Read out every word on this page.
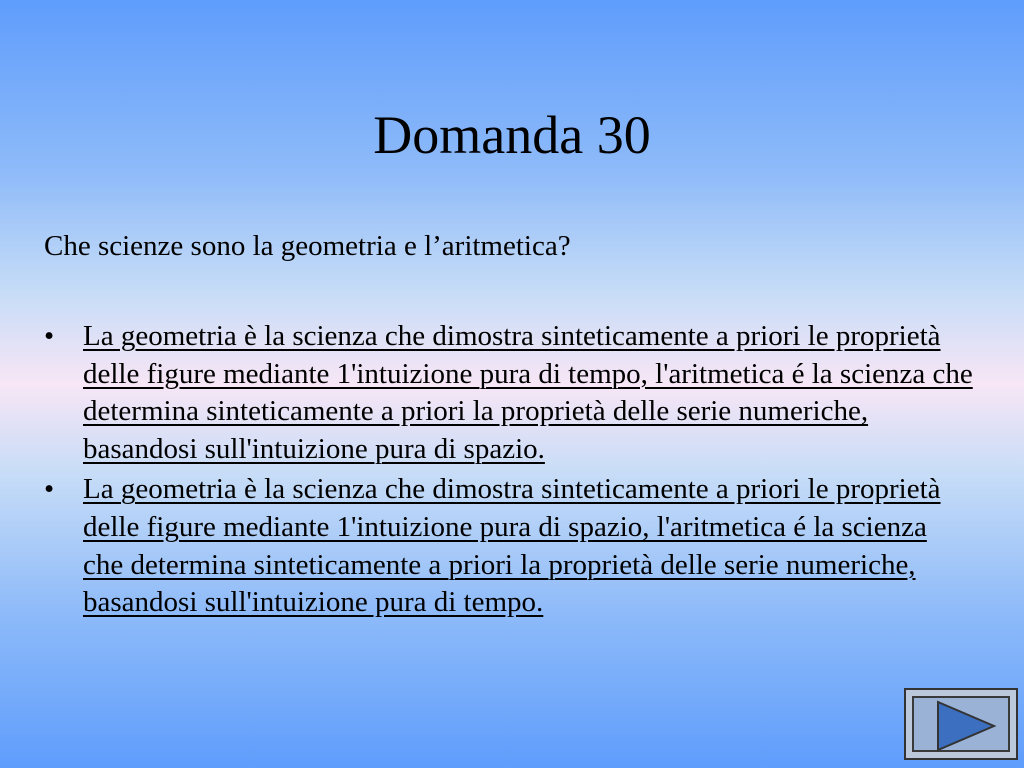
Domanda 30

Che scienze sono la geometria e l’aritmetica?

• La geometria è la scienza che dimostra sinteticamente a priori le proprietà delle figure mediante 1'intuizione pura di tempo, l'aritmetica é la scienza che determina sinteticamente a priori la proprietà delle serie numeriche, basandosi sull'intuizione pura di spazio.
• La geometria è la scienza che dimostra sinteticamente a priori le proprietà delle figure mediante 1'intuizione pura di spazio, l'aritmetica é la scienza che determina sinteticamente a priori la proprietà delle serie numeriche, basandosi sull'intuizione pura di tempo.
